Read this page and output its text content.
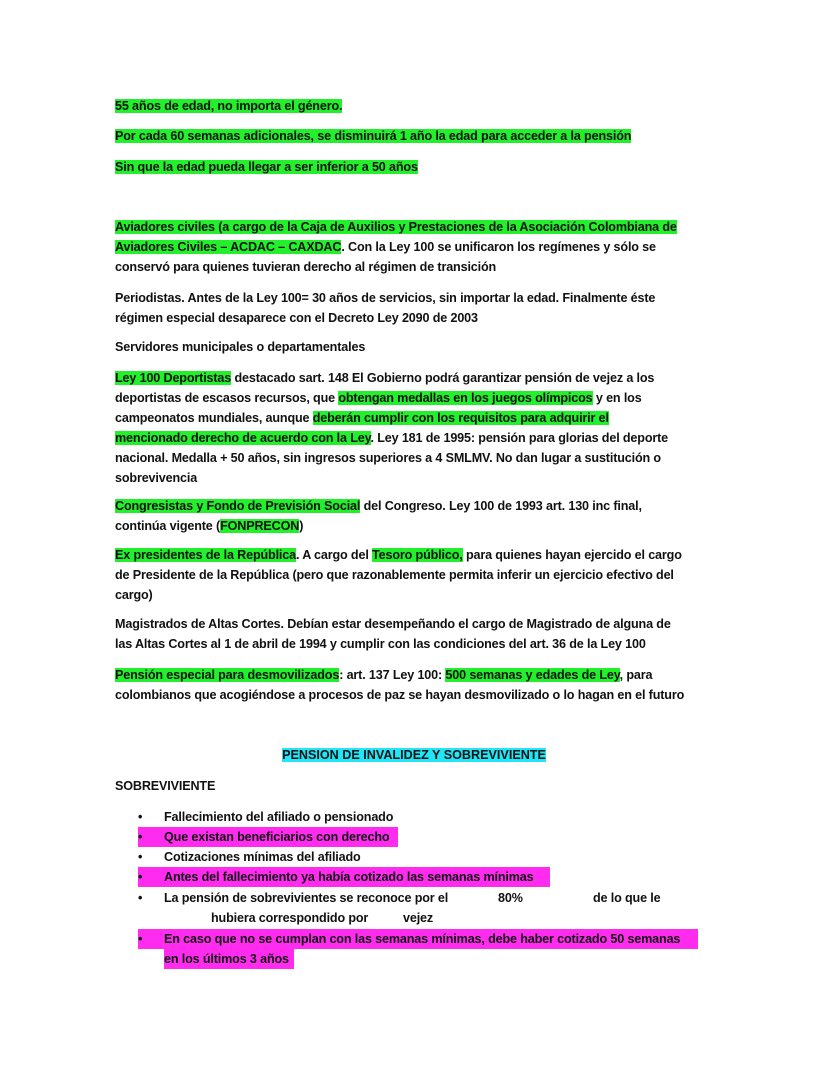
55 años de edad, no importa el género.
Por cada 60 semanas adicionales, se disminuirá 1 año la edad para acceder a la pensión
Sin que la edad pueda llegar a ser inferior a 50 años
Aviadores civiles (a cargo de la Caja de Auxilios y Prestaciones de la Asociación Colombiana de
Aviadores Civiles – ACDAC – CAXDAC. Con la Ley 100 se unificaron los regímenes y sólo se
conservó para quienes tuvieran derecho al régimen de transición
Periodistas. Antes de la Ley 100= 30 años de servicios, sin importar la edad. Finalmente éste
régimen especial desaparece con el Decreto Ley 2090 de 2003
Servidores municipales o departamentales
Ley 100 Deportistas destacado sart. 148 El Gobierno podrá garantizar pensión de vejez a los
deportistas de escasos recursos, que obtengan medallas en los juegos olímpicos y en los
campeonatos mundiales, aunque deberán cumplir con los requisitos para adquirir el
mencionado derecho de acuerdo con la Ley. Ley 181 de 1995: pensión para glorias del deporte
nacional. Medalla + 50 años, sin ingresos superiores a 4 SMLMV. No dan lugar a sustitución o
sobrevivencia
Congresistas y Fondo de Previsión Social del Congreso. Ley 100 de 1993 art. 130 inc final,
continúa vigente (FONPRECON)
Ex presidentes de la República. A cargo del Tesoro público, para quienes hayan ejercido el cargo
de Presidente de la República (pero que razonablemente permita inferir un ejercicio efectivo del
cargo)
Magistrados de Altas Cortes. Debían estar desempeñando el cargo de Magistrado de alguna de
las Altas Cortes al 1 de abril de 1994 y cumplir con las condiciones del art. 36 de la Ley 100
Pensión especial para desmovilizados: art. 137 Ley 100: 500 semanas y edades de Ley, para
colombianos que acogiéndose a procesos de paz se hayan desmovilizado o lo hagan en el futuro
PENSION DE INVALIDEZ Y SOBREVIVIENTE
SOBREVIVIENTE
• Fallecimiento del afiliado o pensionado
• Que existan beneficiarios con derecho
• Cotizaciones mínimas del afiliado
• Antes del fallecimiento ya había cotizado las semanas mínimas
• La pensión de sobrevivientes se reconoce por el	80%	de lo que le
hubiera correspondido por	vejez
• En caso que no se cumplan con las semanas mínimas, debe haber cotizado 50 semanas
en los últimos 3 años
